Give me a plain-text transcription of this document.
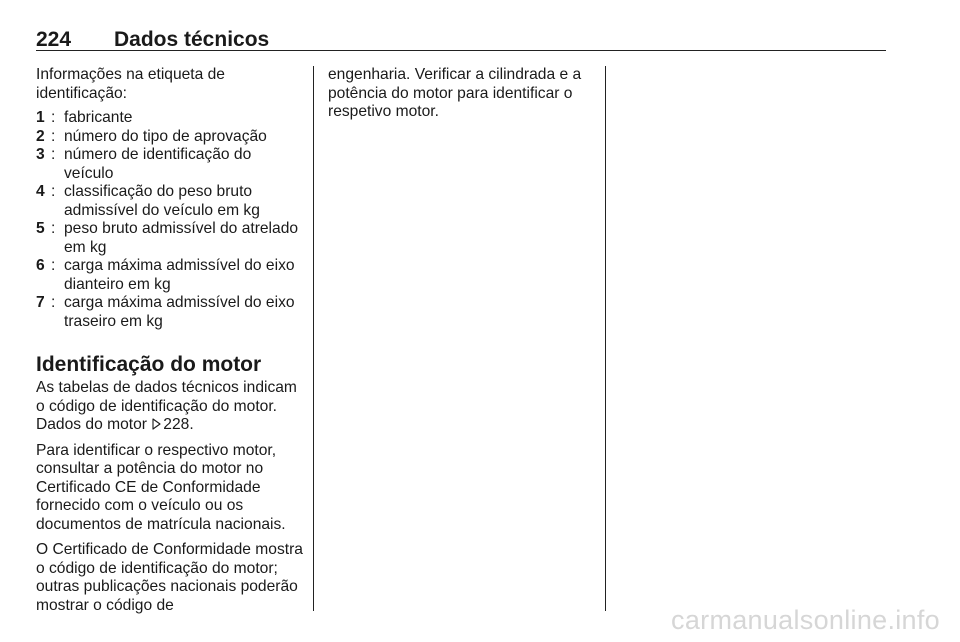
224 Dados técnicos

Informações na etiqueta de identificação:

1 : fabricante
2 : número do tipo de aprovação
3 : número de identificação do veículo
4 : classificação do peso bruto admissível do veículo em kg
5 : peso bruto admissível do atrelado em kg
6 : carga máxima admissível do eixo dianteiro em kg
7 : carga máxima admissível do eixo traseiro em kg
Identificação do motor

As tabelas de dados técnicos indicam o código de identificação do motor. Dados do motor 228.

Para identificar o respectivo motor, consultar a potência do motor no Certificado CE de Conformidade fornecido com o veículo ou os documentos de matrícula nacionais.

O Certificado de Conformidade mostra o código de identificação do motor; outras publicações nacionais poderão mostrar o código de

engenharia. Verificar a cilindrada e a potência do motor para identificar o respetivo motor.

carmanualsonline.info
